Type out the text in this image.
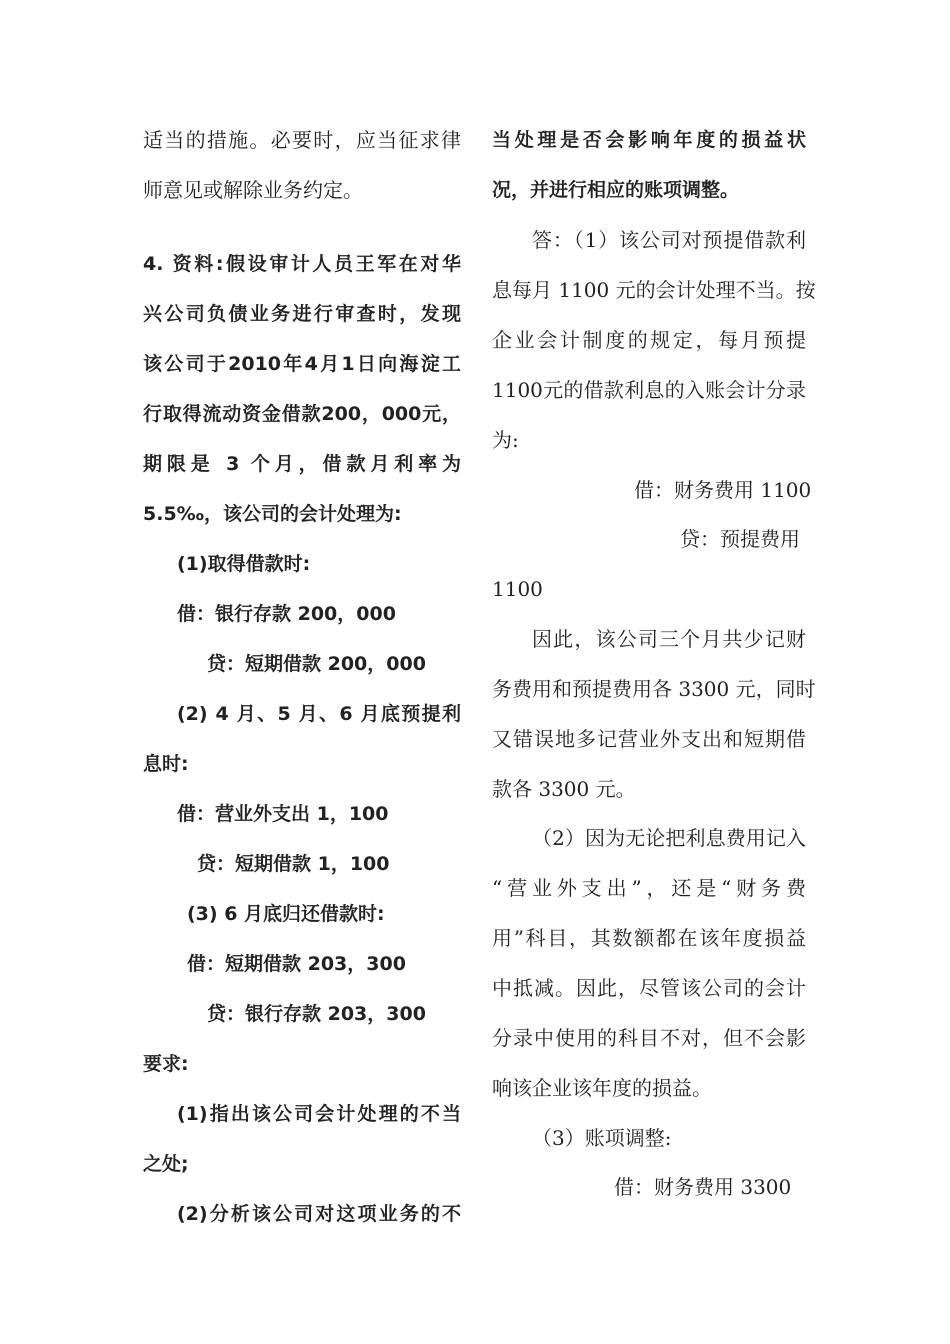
适当的措施。必要时，应当征求律
师意见或解除业务约定。
4. 资料:假设审计人员王军在对华
兴公司负债业务进行审查时，发现
该公司于2010年4月1日向海淀工
行取得流动资金借款200，000元，
期限是 3 个月，借款月利率为
5.5‰，该公司的会计处理为:
(1)取得借款时:
借：银行存款 200，000
贷：短期借款 200，000
(2) 4 月、5 月、6 月底预提利
息时:
借：营业外支出 1，100
贷：短期借款 1，100
(3) 6 月底归还借款时:
借：短期借款 203，300
贷：银行存款 203，300
要求:
(1)指出该公司会计处理的不当
之处;
(2)分析该公司对这项业务的不
当处理是否会影响年度的损益状
况，并进行相应的账项调整。
答：（1）该公司对预提借款利
息每月 1100 元的会计处理不当。按
企业会计制度的规定，每月预提
1100元的借款利息的入账会计分录
为:
借：财务费用 1100
贷：预提费用
1100
因此，该公司三个月共少记财
务费用和预提费用各 3300 元，同时
又错误地多记营业外支出和短期借
款各 3300 元。
（2）因为无论把利息费用记入
“营业外支出”，还是“财务费
用”科目，其数额都在该年度损益
中抵减。因此，尽管该公司的会计
分录中使用的科目不对，但不会影
响该企业该年度的损益。
（3）账项调整:
借：财务费用 3300
